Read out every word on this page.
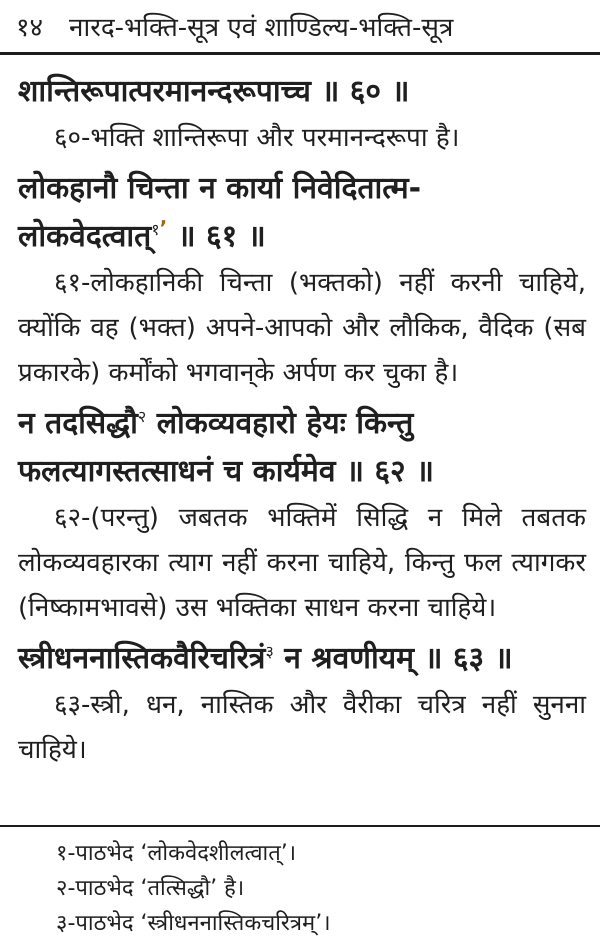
१४ नारद-भक्ति-सूत्र एवं शाण्डिल्य-भक्ति-सूत्र

शान्तिरूपात्परमानन्दरूपाच्च ॥ ६० ॥

६०-भक्ति शान्तिरूपा और परमानन्दरूपा है।

लोकहानौ चिन्ता न कार्या निवेदितात्म-

लोकवेदत्वात्$^{१ʼ}$ ॥ ६१ ॥

६१-लोकहानिकी चिन्ता (भक्तको) नहीं करनी चाहिये, क्योंकि वह (भक्त) अपने-आपको और लौकिक, वैदिक (सब प्रकारके) कर्मोंको भगवान्‌के अर्पण कर चुका है।

न तदसिद्धौ$^२$ लोकव्यवहारो हेयः किन्तु

फलत्यागस्तत्साधनं च कार्यमेव ॥ ६२ ॥

६२-(परन्तु) जबतक भक्तिमें सिद्धि न मिले तबतक लोकव्यवहारका त्याग नहीं करना चाहिये, किन्तु फल त्यागकर (निष्कामभावसे) उस भक्तिका साधन करना चाहिये।

स्त्रीधननास्तिकवैरिचरित्रं$^३$ न श्रवणीयम् ॥ ६३ ॥

६३-स्त्री, धन, नास्तिक और वैरीका चरित्र नहीं सुनना चाहिये।

१-पाठभेद ‘लोकवेदशीलत्वात्’।
२-पाठभेद ‘तत्सिद्धौ’ है।
३-पाठभेद ‘स्त्रीधननास्तिकचरित्रम्’।
